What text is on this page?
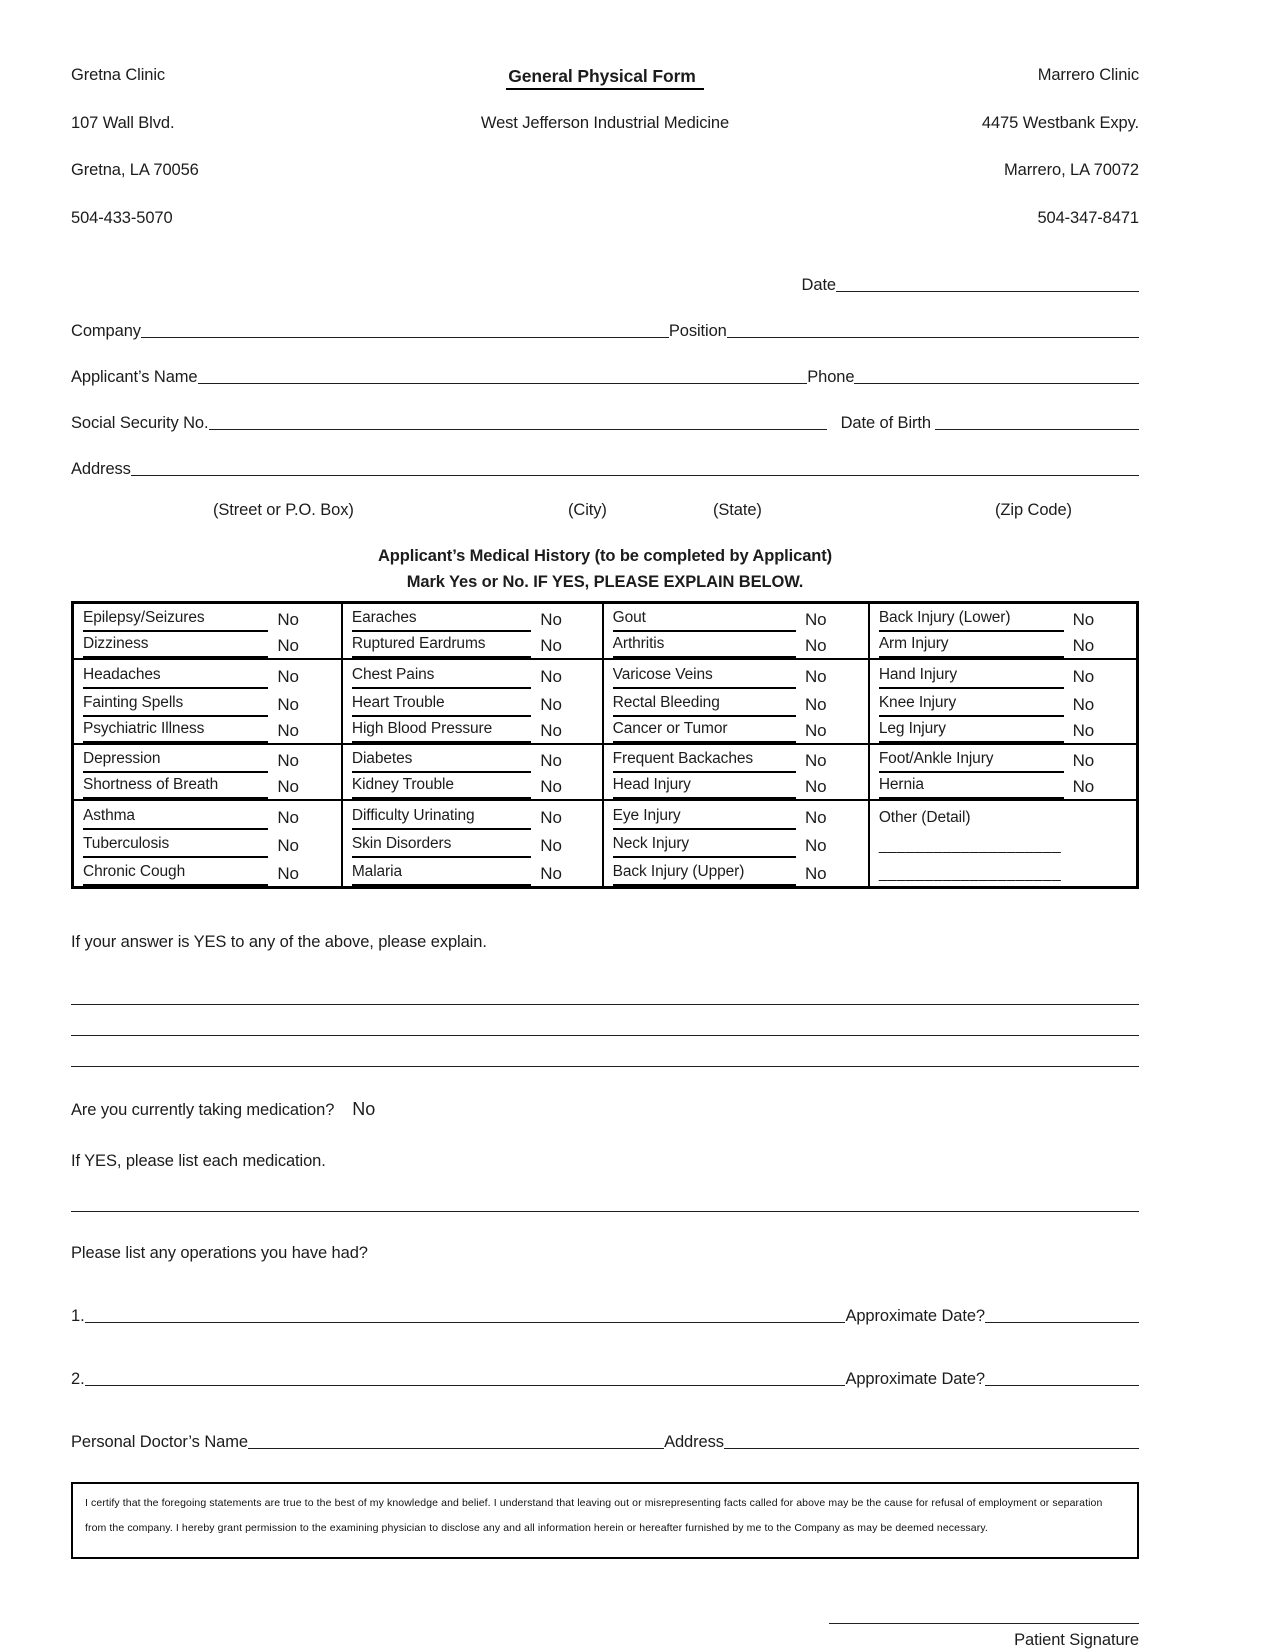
Gretna Clinic
107 Wall Blvd.
Gretna, LA 70056
504-433-5070
General Physical Form
West Jefferson Industrial Medicine
Marrero Clinic
4475 Westbank Expy.
Marrero, LA 70072
504-347-8471
Date
Company	Position
Applicant’s Name	Phone
Social Security No.	Date of Birth
Address
(Street or P.O. Box)	(City)	(State)	(Zip Code)
Applicant’s Medical History (to be completed by Applicant)
Mark Yes or No. IF YES, PLEASE EXPLAIN BELOW.
Epilepsy/Seizures	No
Dizziness	No
Headaches	No
Fainting Spells	No
Psychiatric Illness	No
Depression	No
Shortness of Breath	No
Asthma	No
Tuberculosis	No
Chronic Cough	No
Earaches	No
Ruptured Eardrums	No
Chest Pains	No
Heart Trouble	No
High Blood Pressure	No
Diabetes	No
Kidney Trouble	No
Difficulty Urinating	No
Skin Disorders	No
Malaria	No
Gout	No
Arthritis	No
Varicose Veins	No
Rectal Bleeding	No
Cancer or Tumor	No
Frequent Backaches	No
Head Injury	No
Eye Injury	No
Neck Injury	No
Back Injury (Upper)	No
Back Injury (Lower)	No
Arm Injury	No
Hand Injury	No
Knee Injury	No
Leg Injury	No
Foot/Ankle Injury	No
Hernia	No
Other (Detail)
____________________
____________________
If your answer is YES to any of the above, please explain.
Are you currently taking medication? No
If YES, please list each medication.
Please list any operations you have had?
1.	Approximate Date?
2.	Approximate Date?
Personal Doctor’s Name	Address
I certify that the foregoing statements are true to the best of my knowledge and belief. I understand that leaving out or misrepresenting facts called for above may be the cause for refusal of employment or separation from the company. I hereby grant permission to the examining physician to disclose any and all information herein or hereafter furnished by me to the Company as may be deemed necessary.
Patient Signature
